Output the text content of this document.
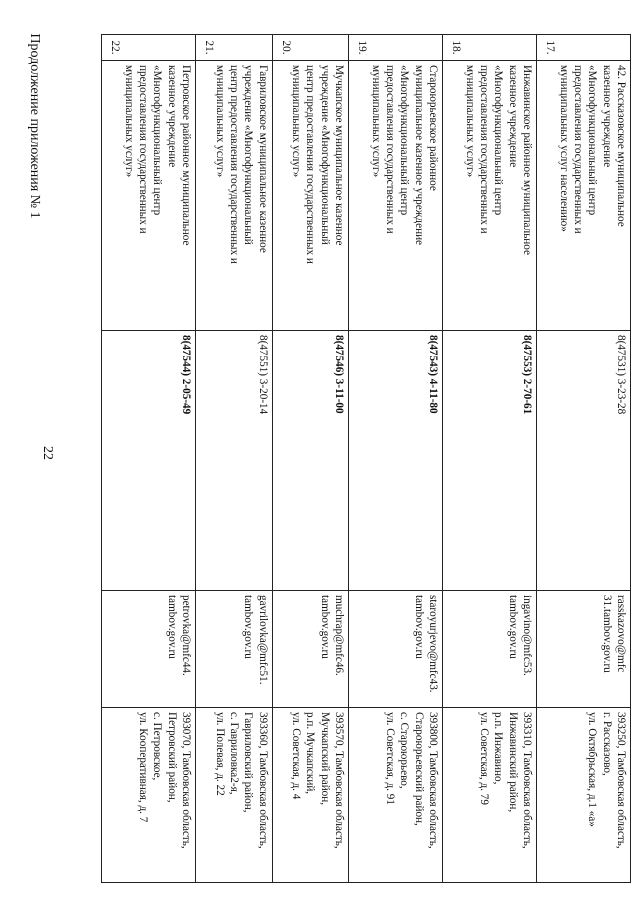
22
Продолжение приложения № 1	17.	42. Рассказовское муниципальное
казенное учреждение
«Многофункциональный центр
предоставления государственных и
муниципальных услуг населению»	8(47531) 3-23-28	rasskazovo@mfc
31.tambov.gov.ru	393250, Тамбовская область,
г. Рассказово,
ул. Октябрьская, д.1 «а»
18.	Инжавинское районное муниципальное
казенное учреждение
«Многофункциональный центр
предоставления государственных и
муниципальных услуг»	8(47553) 2-70-61	ingavino@mfc53.
tambov.gov.ru	393310, Тамбовская область,
Инжавинский район,
р.п. Инжавино,
ул. Советская, д. 79
19.	Староюрьевское районное
муниципальное казенное учреждение
«Многофункциональный центр
предоставления государственных и
муниципальных услуг»	8(47543) 4-11-80	staroyurjevo@mfc43.
tambov.gov.ru	393800, Тамбовская область,
Староюрьевский район,
с. Староюрьево,
ул. Советская, д. 91
20.	Мучкапское муниципальное казенное
учреждение «Многофункциональный
центр предоставления государственных и
муниципальных услуг»	8(47546) 3-11-00	muchrap@mfc46.
tambov.gov.ru	393570, Тамбовская область,
Мучкапский район,
р.п. Мучкапский,
ул. Советская, д. 4
21.	Гавриловское муниципальное казенное
учреждение «Многофункциональный
центр предоставления государственных и
муниципальных услуг»	8(47551) 3-20-14	gavrilovka@mfc51.
tambov.gov.ru	393360, Тамбовская область,
Гавриловский район,
с. Гавриловка2-я,
ул. Полевая, д. 22
22.	Петровское районное муниципальное
казенное учреждение
«Многофункциональный центр
предоставления государственных и
муниципальных услуг»	8(47544) 2-05-49	petrovka@mfc44.
tambov.gov.ru	393070, Тамбовская область,
Петровский район,
с. Петровское,
ул. Кооперативная, д. 7
